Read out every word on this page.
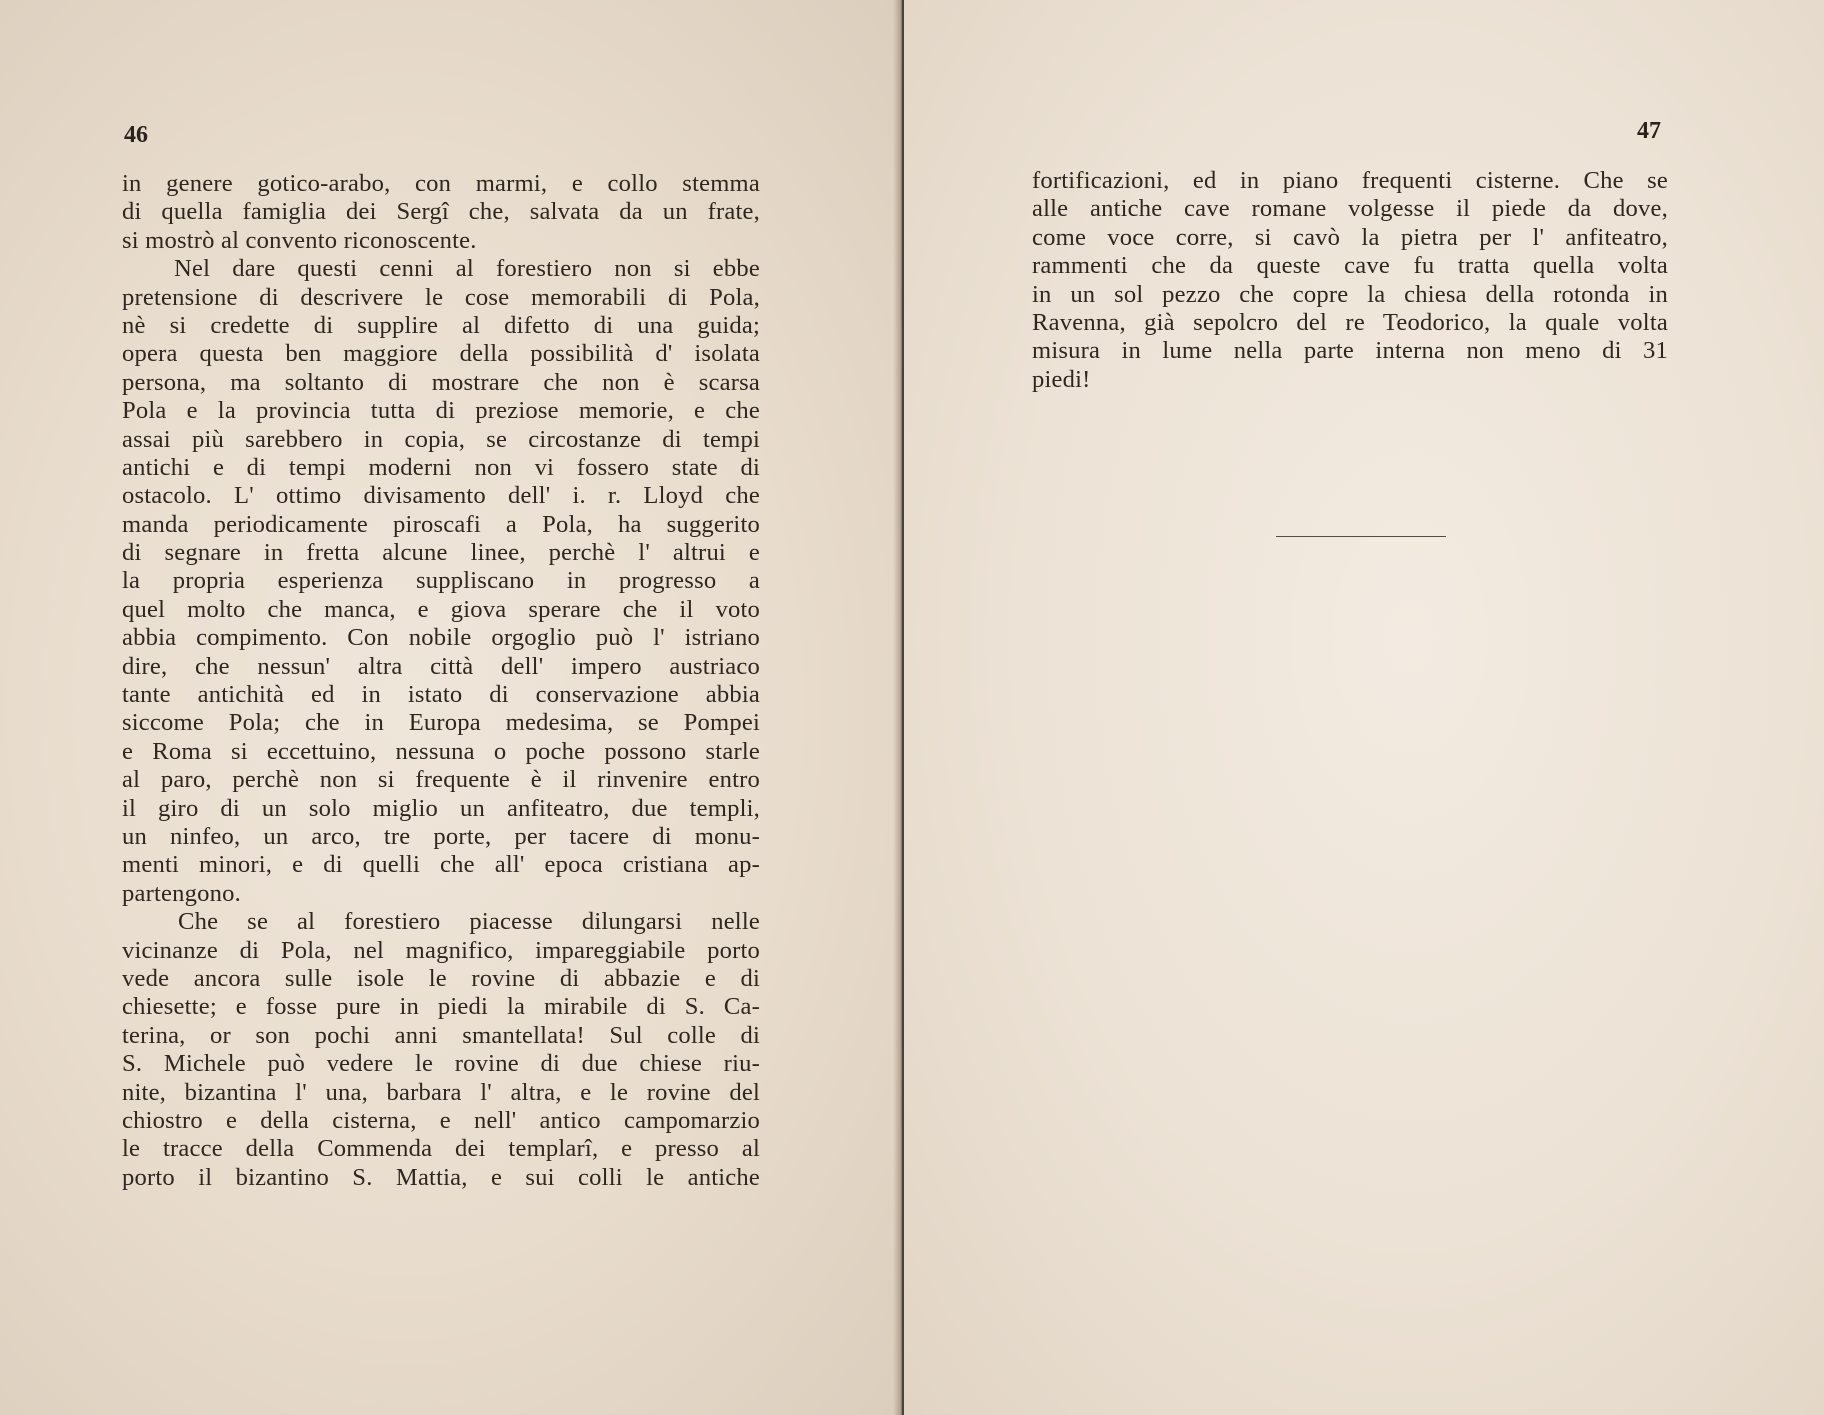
46
in genere gotico-arabo, con marmi, e collo stemma
di quella famiglia dei Sergî che, salvata da un frate,
si mostrò al convento riconoscente.
Nel dare questi cenni al forestiero non si ebbe
pretensione di descrivere le cose memorabili di Pola,
nè si credette di supplire al difetto di una guida;
opera questa ben maggiore della possibilità d' isolata
persona, ma soltanto di mostrare che non è scarsa
Pola e la provincia tutta di preziose memorie, e che
assai più sarebbero in copia, se circostanze di tempi
antichi e di tempi moderni non vi fossero state di
ostacolo. L' ottimo divisamento dell' i. r. Lloyd che
manda periodicamente piroscafi a Pola, ha suggerito
di segnare in fretta alcune linee, perchè l' altrui e
la propria esperienza suppliscano in progresso a
quel molto che manca, e giova sperare che il voto
abbia compimento. Con nobile orgoglio può l' istriano
dire, che nessun' altra città dell' impero austriaco
tante antichità ed in istato di conservazione abbia
siccome Pola; che in Europa medesima, se Pompei
e Roma si eccettuino, nessuna o poche possono starle
al paro, perchè non si frequente è il rinvenire entro
il giro di un solo miglio un anfiteatro, due templi,
un ninfeo, un arco, tre porte, per tacere di monu-
menti minori, e di quelli che all' epoca cristiana ap-
partengono.
Che se al forestiero piacesse dilungarsi nelle
vicinanze di Pola, nel magnifico, impareggiabile porto
vede ancora sulle isole le rovine di abbazie e di
chiesette; e fosse pure in piedi la mirabile di S. Ca-
terina, or son pochi anni smantellata! Sul colle di
S. Michele può vedere le rovine di due chiese riu-
nite, bizantina l' una, barbara l' altra, e le rovine del
chiostro e della cisterna, e nell' antico campomarzio
le tracce della Commenda dei templarî, e presso al
porto il bizantino S. Mattia, e sui colli le antiche
47
fortificazioni, ed in piano frequenti cisterne. Che se
alle antiche cave romane volgesse il piede da dove,
come voce corre, si cavò la pietra per l' anfiteatro,
rammenti che da queste cave fu tratta quella volta
in un sol pezzo che copre la chiesa della rotonda in
Ravenna, già sepolcro del re Teodorico, la quale volta
misura in lume nella parte interna non meno di 31
piedi!
